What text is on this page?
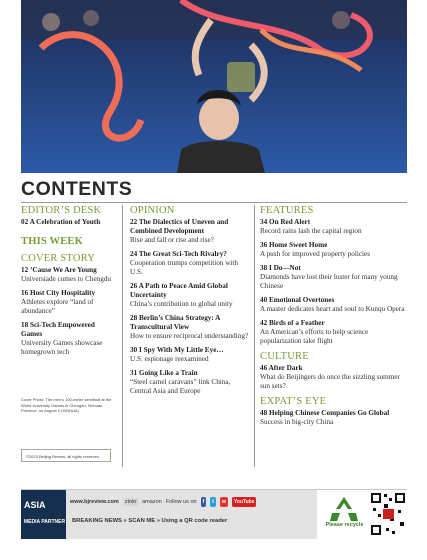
CONTENTS
EDITOR’S DESK
02 A Celebration of Youth
THIS WEEK
COVER STORY
12 ’Cause We Are Young
Universiade comes to Chengdu
16 Host City Hospitality
Athletes explore “land of abundance”
18 Sci-Tech Empowered Games
University Games showcase homegrown tech
OPINION
22 The Dialectics of Uneven and Combined Development
Rise and fall or rise and rise?
24 The Great Sci-Tech Rivalry?
Cooperation trumps competition with U.S.
26 A Path to Peace Amid Global Uncertainty
China’s contribution to global unity
28 Berlin’s China Strategy: A Transcultural View
How to ensure reciprocal understanding?
30 I Spy With My Little Eye…
U.S. espionage reexamined
31 Going Like a Train
“Steel camel caravans” link China, Central Asia and Europe
FEATURES
34 On Red Alert
Record rains lash the capital region
36 Home Sweet Home
A push for improved property policies
38 I Do—Not
Diamonds have lost their luster for many young Chinese
40 Emotional Overtones
A master dedicates heart and soul to Kunqu Opera
42 Birds of a Feather
An American’s efforts to help science popularization take flight
CULTURE
46 After Dark
What do Beijingers do once the sizzling summer sun sets?
EXPAT’S EYE
48 Helping Chinese Companies Go Global
Success in big-city China
Cover Photo: The men’s 100-meter semifinal at the World University Games in Chengdu, Sichuan Province, on August 2 (XINHUA)
©2023 Beijing Review, all rights reserved.
ASIA
MEDIA PARTNER
www.bjreview.com	zinio	amazon Follow us on	f	t	w	YouTube
BREAKING NEWS » SCAN ME » Using a QR code reader
Please recycle
